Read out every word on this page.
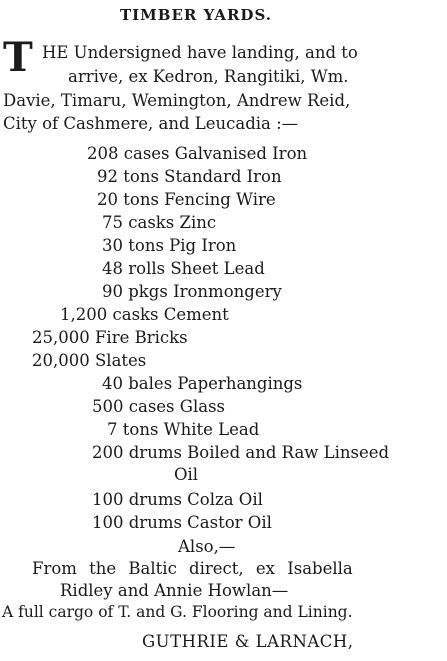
TIMBER YARDS.
T HE Undersigned have landing, and to
arrive, ex Kedron, Rangitiki, Wm.
Davie, Timaru, Wemington, Andrew Reid,
City of Cashmere, and Leucadia :—
208 cases Galvanised Iron
92 tons Standard Iron
20 tons Fencing Wire
75 casks Zinc
30 tons Pig Iron
48 rolls Sheet Lead
90 pkgs Ironmongery
1,200 casks Cement
25,000 Fire Bricks
20,000 Slates
40 bales Paperhangings
500 cases Glass
7 tons White Lead
200 drums Boiled and Raw Linseed
Oil
100 drums Colza Oil
100 drums Castor Oil
Also,—
From the Baltic direct, ex Isabella
Ridley and Annie Howlan—
A full cargo of T. and G. Flooring and Lining.
GUTHRIE & LARNACH,
